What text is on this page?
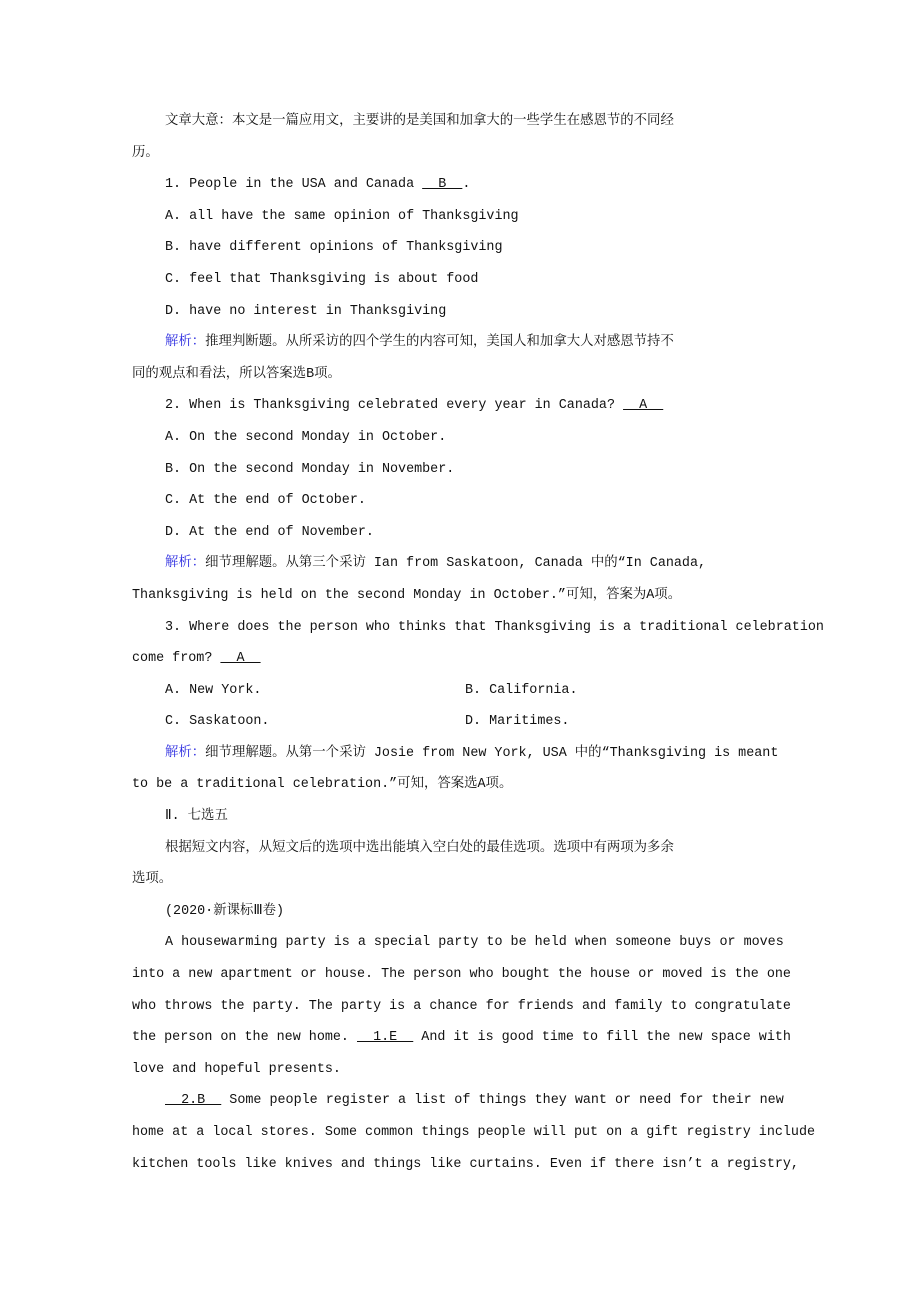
文章大意：本文是一篇应用文，主要讲的是美国和加拿大的一些学生在感恩节的不同经
历。
1. People in the USA and Canada   B  .
A. all have the same opinion of Thanksgiving
B. have different opinions of Thanksgiving
C. feel that Thanksgiving is about food
D. have no interest in Thanksgiving
解析：推理判断题。从所采访的四个学生的内容可知，美国人和加拿大人对感恩节持不
同的观点和看法，所以答案选B项。
2. When is Thanksgiving celebrated every year in Canada?   A
A. On the second Monday in October.
B. On the second Monday in November.
C. At the end of October.
D. At the end of November.
解析：细节理解题。从第三个采访 Ian from Saskatoon, Canada 中的“In Canada,
Thanksgiving is held on the second Monday in October.”可知，答案为A项。
3. Where does the person who thinks that Thanksgiving is a traditional celebration
come from?   A
A. New York.	B. California.
C. Saskatoon.	D. Maritimes.
解析：细节理解题。从第一个采访 Josie from New York, USA 中的“Thanksgiving is meant
to be a traditional celebration.”可知，答案选A项。
Ⅱ. 七选五
根据短文内容，从短文后的选项中选出能填入空白处的最佳选项。选项中有两项为多余
选项。
(2020·新课标Ⅲ卷)
A housewarming party is a special party to be held when someone buys or moves
into a new apartment or house. The person who bought the house or moved is the one
who throws the party. The party is a chance for friends and family to congratulate
the person on the new home.   1.E   And it is good time to fill the new space with
love and hopeful presents.
2.B   Some people register a list of things they want or need for their new
home at a local stores. Some common things people will put on a gift registry include
kitchen tools like knives and things like curtains. Even if there isn’t a registry,
